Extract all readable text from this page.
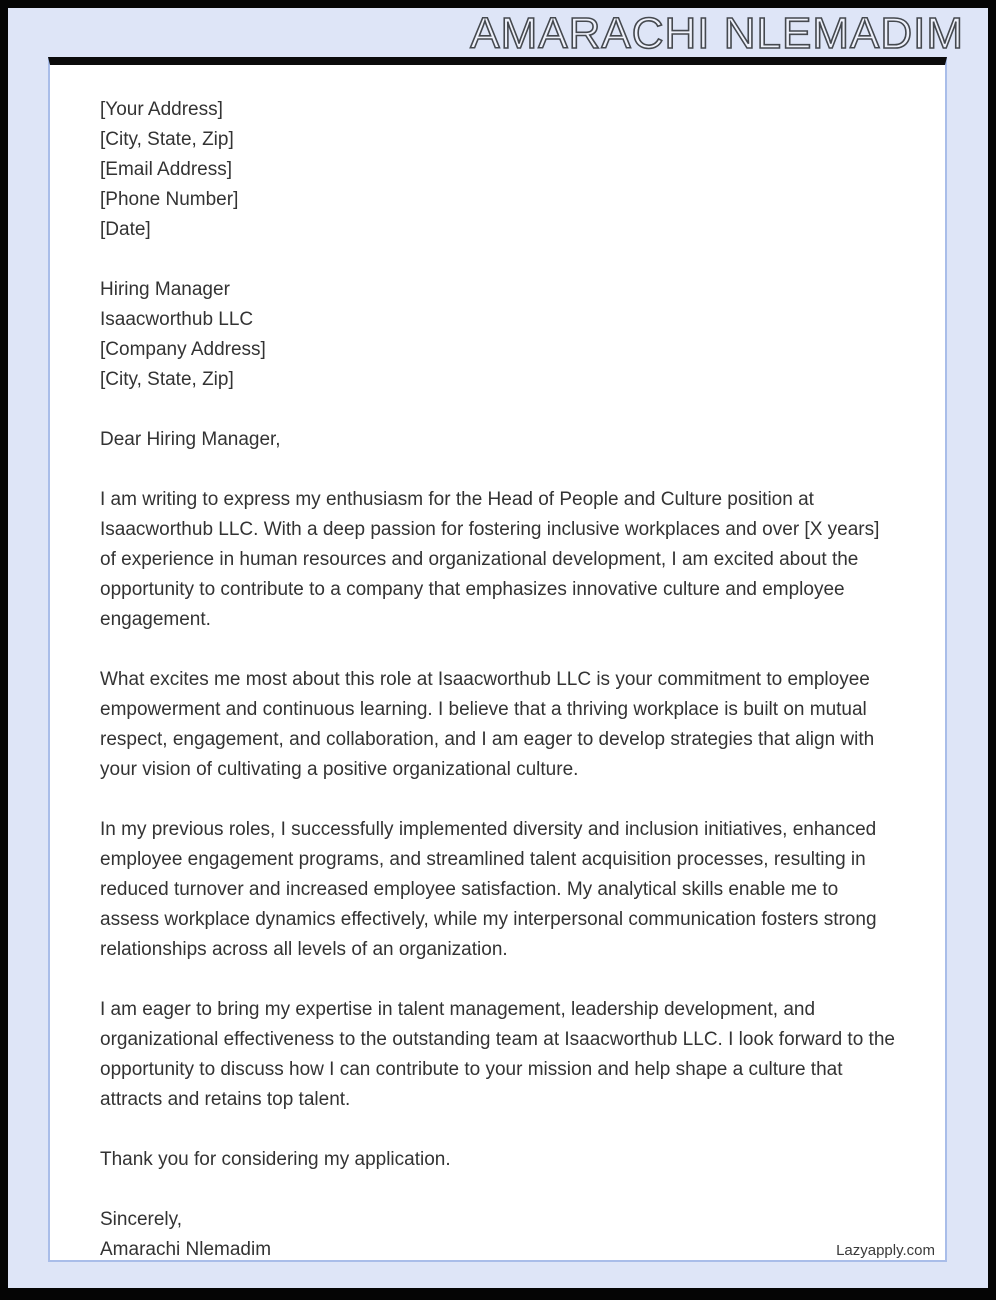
AMARACHI NLEMADIM

[Your Address]

[City, State, Zip]

[Email Address]

[Phone Number]

[Date]

Hiring Manager

Isaacworthub LLC

[Company Address]

[City, State, Zip]

Dear Hiring Manager,

I am writing to express my enthusiasm for the Head of People and Culture position at Isaacworthub LLC. With a deep passion for fostering inclusive workplaces and over [X years] of experience in human resources and organizational development, I am excited about the opportunity to contribute to a company that emphasizes innovative culture and employee engagement.

What excites me most about this role at Isaacworthub LLC is your commitment to employee empowerment and continuous learning. I believe that a thriving workplace is built on mutual respect, engagement, and collaboration, and I am eager to develop strategies that align with your vision of cultivating a positive organizational culture.

In my previous roles, I successfully implemented diversity and inclusion initiatives, enhanced employee engagement programs, and streamlined talent acquisition processes, resulting in reduced turnover and increased employee satisfaction. My analytical skills enable me to assess workplace dynamics effectively, while my interpersonal communication fosters strong relationships across all levels of an organization.

I am eager to bring my expertise in talent management, leadership development, and organizational effectiveness to the outstanding team at Isaacworthub LLC. I look forward to the opportunity to discuss how I can contribute to your mission and help shape a culture that attracts and retains top talent.

Thank you for considering my application.

Sincerely,

Amarachi Nlemadim	Lazyapply.com
